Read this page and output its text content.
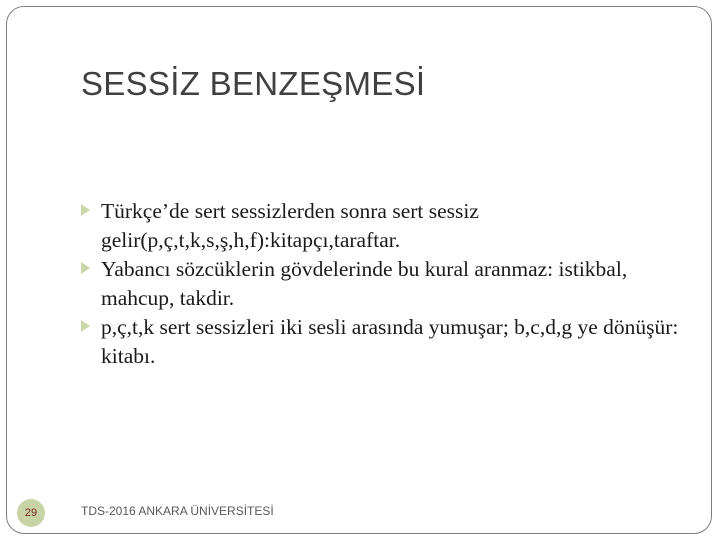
SESSİZ BENZEŞMESİ
Türkçe’de sert sessizlerden sonra sert sessiz gelir(p,ç,t,k,s,ş,h,f):kitapçı,taraftar.
Yabancı sözcüklerin gövdelerinde bu kural aranmaz: istikbal, mahcup, takdir.
p,ç,t,k sert sessizleri iki sesli arasında yumuşar; b,c,d,g ye dönüşür: kitabı.
29	TDS-2016 ANKARA ÜNİVERSİTESİ
